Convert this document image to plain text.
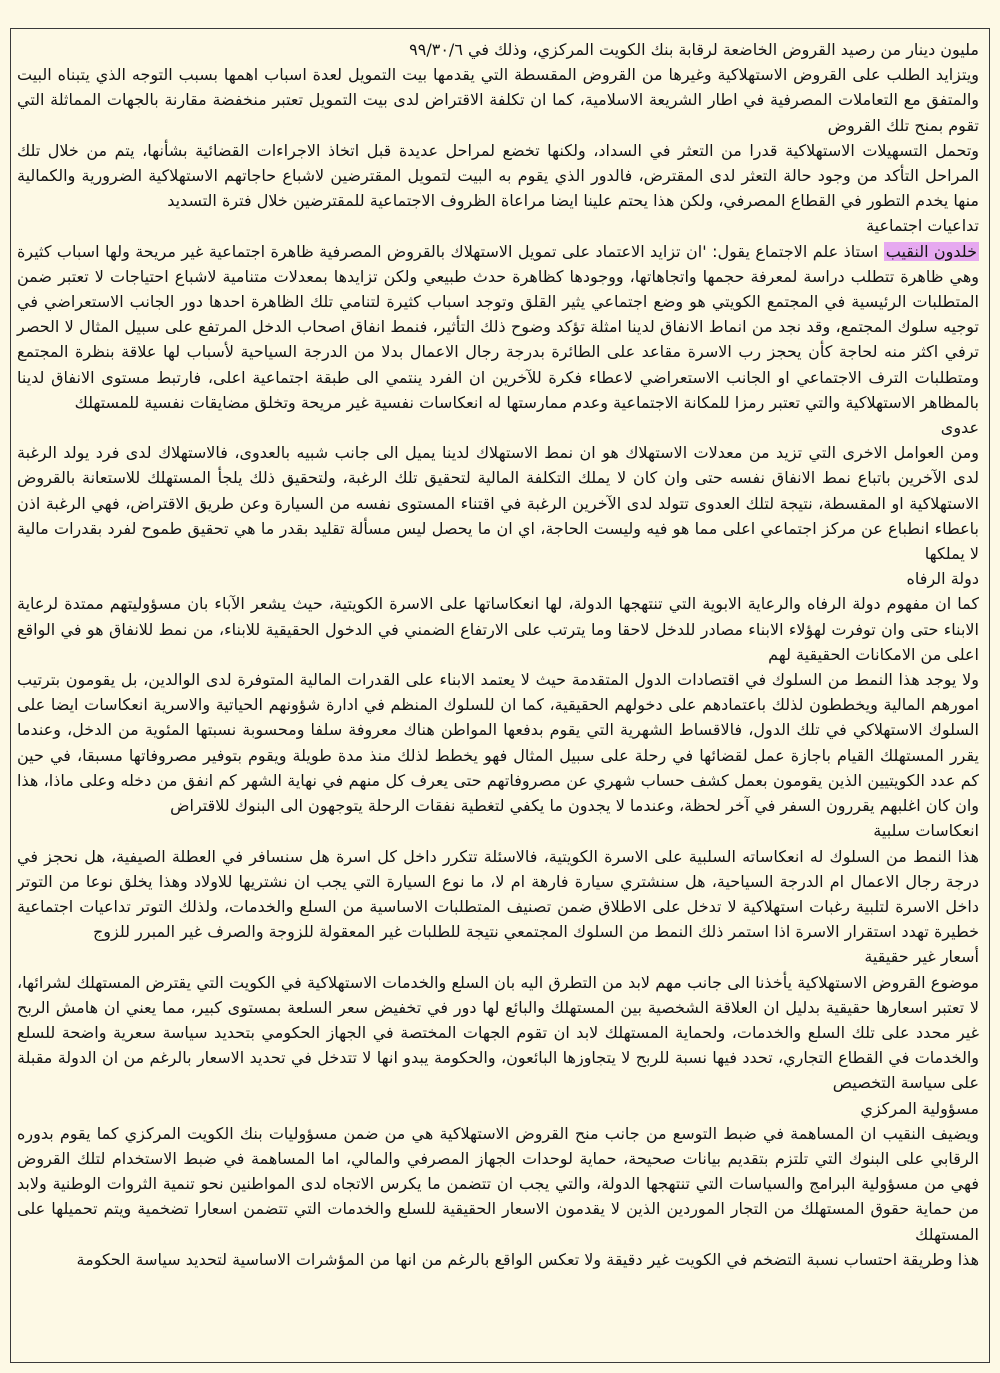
مليون دينار من رصيد القروض الخاضعة لرقابة بنك الكويت المركزي، وذلك في ٩٩/٣٠/٦

ويتزايد الطلب على القروض الاستهلاكية وغيرها من القروض المقسطة التي يقدمها بيت التمويل لعدة اسباب اهمها بسبب التوجه الذي يتبناه البيت والمتفق مع التعاملات المصرفية في اطار الشريعة الاسلامية، كما ان تكلفة الاقتراض لدى بيت التمويل تعتبر منخفضة مقارنة بالجهات المماثلة التي تقوم بمنح تلك القروض

وتحمل التسهيلات الاستهلاكية قدرا من التعثر في السداد، ولكنها تخضع لمراحل عديدة قبل اتخاذ الاجراءات القضائية بشأنها، يتم من خلال تلك المراحل التأكد من وجود حالة التعثر لدى المقترض، فالدور الذي يقوم به البيت لتمويل المقترضين لاشباع حاجاتهم الاستهلاكية الضرورية والكمالية منها يخدم التطور في القطاع المصرفي، ولكن هذا يحتم علينا ايضا مراعاة الظروف الاجتماعية للمقترضين خلال فترة التسديد

تداعيات اجتماعية

خلدون النقيب استاذ علم الاجتماع يقول: 'ان تزايد الاعتماد على تمويل الاستهلاك بالقروض المصرفية ظاهرة اجتماعية غير مريحة ولها اسباب كثيرة وهي ظاهرة تتطلب دراسة لمعرفة حجمها واتجاهاتها، ووجودها كظاهرة حدث طبيعي ولكن تزايدها بمعدلات متنامية لاشباع احتياجات لا تعتبر ضمن المتطلبات الرئيسية في المجتمع الكويتي هو وضع اجتماعي يثير القلق وتوجد اسباب كثيرة لتنامي تلك الظاهرة احدها دور الجانب الاستعراضي في توجيه سلوك المجتمع، وقد نجد من انماط الانفاق لدينا امثلة تؤكد وضوح ذلك التأثير، فنمط انفاق اصحاب الدخل المرتفع على سبيل المثال لا الحصر ترفي اكثر منه لحاجة كأن يحجز رب الاسرة مقاعد على الطائرة بدرجة رجال الاعمال بدلا من الدرجة السياحية لأسباب لها علاقة بنظرة المجتمع ومتطلبات الترف الاجتماعي او الجانب الاستعراضي لاعطاء فكرة للآخرين ان الفرد ينتمي الى طبقة اجتماعية اعلى، فارتبط مستوى الانفاق لدينا بالمظاهر الاستهلاكية والتي تعتبر رمزا للمكانة الاجتماعية وعدم ممارستها له انعكاسات نفسية غير مريحة وتخلق مضايقات نفسية للمستهلك

عدوى

ومن العوامل الاخرى التي تزيد من معدلات الاستهلاك هو ان نمط الاستهلاك لدينا يميل الى جانب شبيه بالعدوى، فالاستهلاك لدى فرد يولد الرغبة لدى الآخرين باتباع نمط الانفاق نفسه حتى وان كان لا يملك التكلفة المالية لتحقيق تلك الرغبة، ولتحقيق ذلك يلجأ المستهلك للاستعانة بالقروض الاستهلاكية او المقسطة، نتيجة لتلك العدوى تتولد لدى الآخرين الرغبة في اقتناء المستوى نفسه من السيارة وعن طريق الاقتراض، فهي الرغبة اذن باعطاء انطباع عن مركز اجتماعي اعلى مما هو فيه وليست الحاجة، اي ان ما يحصل ليس مسألة تقليد بقدر ما هي تحقيق طموح لفرد بقدرات مالية لا يملكها

دولة الرفاه

كما ان مفهوم دولة الرفاه والرعاية الابوية التي تنتهجها الدولة، لها انعكاساتها على الاسرة الكويتية، حيث يشعر الآباء بان مسؤوليتهم ممتدة لرعاية الابناء حتى وان توفرت لهؤلاء الابناء مصادر للدخل لاحقا وما يترتب على الارتفاع الضمني في الدخول الحقيقية للابناء، من نمط للانفاق هو في الواقع اعلى من الامكانات الحقيقية لهم

ولا يوجد هذا النمط من السلوك في اقتصادات الدول المتقدمة حيث لا يعتمد الابناء على القدرات المالية المتوفرة لدى الوالدين، بل يقومون بترتيب امورهم المالية ويخططون لذلك باعتمادهم على دخولهم الحقيقية، كما ان للسلوك المنظم في ادارة شؤونهم الحياتية والاسرية انعكاسات ايضا على السلوك الاستهلاكي في تلك الدول، فالاقساط الشهرية التي يقوم بدفعها المواطن هناك معروفة سلفا ومحسوبة نسبتها المئوية من الدخل، وعندما يقرر المستهلك القيام باجازة عمل لقضائها في رحلة على سبيل المثال فهو يخطط لذلك منذ مدة طويلة ويقوم بتوفير مصروفاتها مسبقا، في حين كم عدد الكويتيين الذين يقومون بعمل كشف حساب شهري عن مصروفاتهم حتى يعرف كل منهم في نهاية الشهر كم انفق من دخله وعلى ماذا، هذا وان كان اغلبهم يقررون السفر في آخر لحظة، وعندما لا يجدون ما يكفي لتغطية نفقات الرحلة يتوجهون الى البنوك للاقتراض

انعكاسات سلبية

هذا النمط من السلوك له انعكاساته السلبية على الاسرة الكويتية، فالاسئلة تتكرر داخل كل اسرة هل سنسافر في العطلة الصيفية، هل نحجز في درجة رجال الاعمال ام الدرجة السياحية، هل سنشتري سيارة فارهة ام لا، ما نوع السيارة التي يجب ان نشتريها للاولاد وهذا يخلق نوعا من التوتر داخل الاسرة لتلبية رغبات استهلاكية لا تدخل على الاطلاق ضمن تصنيف المتطلبات الاساسية من السلع والخدمات، ولذلك التوتر تداعيات اجتماعية خطيرة تهدد استقرار الاسرة اذا استمر ذلك النمط من السلوك المجتمعي نتيجة للطلبات غير المعقولة للزوجة والصرف غير المبرر للزوج

أسعار غير حقيقية

موضوع القروض الاستهلاكية يأخذنا الى جانب مهم لابد من التطرق اليه بان السلع والخدمات الاستهلاكية في الكويت التي يقترض المستهلك لشرائها، لا تعتبر اسعارها حقيقية بدليل ان العلاقة الشخصية بين المستهلك والبائع لها دور في تخفيض سعر السلعة بمستوى كبير، مما يعني ان هامش الربح غير محدد على تلك السلع والخدمات، ولحماية المستهلك لابد ان تقوم الجهات المختصة في الجهاز الحكومي بتحديد سياسة سعرية واضحة للسلع والخدمات في القطاع التجاري، تحدد فيها نسبة للربح لا يتجاوزها البائعون، والحكومة يبدو انها لا تتدخل في تحديد الاسعار بالرغم من ان الدولة مقبلة على سياسة التخصيص

مسؤولية المركزي

ويضيف النقيب ان المساهمة في ضبط التوسع من جانب منح القروض الاستهلاكية هي من ضمن مسؤوليات بنك الكويت المركزي كما يقوم بدوره الرقابي على البنوك التي تلتزم بتقديم بيانات صحيحة، حماية لوحدات الجهاز المصرفي والمالي، اما المساهمة في ضبط الاستخدام لتلك القروض فهي من مسؤولية البرامج والسياسات التي تنتهجها الدولة، والتي يجب ان تتضمن ما يكرس الاتجاه لدى المواطنين نحو تنمية الثروات الوطنية ولابد من حماية حقوق المستهلك من التجار الموردين الذين لا يقدمون الاسعار الحقيقية للسلع والخدمات التي تتضمن اسعارا تضخمية ويتم تحميلها على المستهلك

هذا وطريقة احتساب نسبة التضخم في الكويت غير دقيقة ولا تعكس الواقع بالرغم من انها من المؤشرات الاساسية لتحديد سياسة الحكومة
